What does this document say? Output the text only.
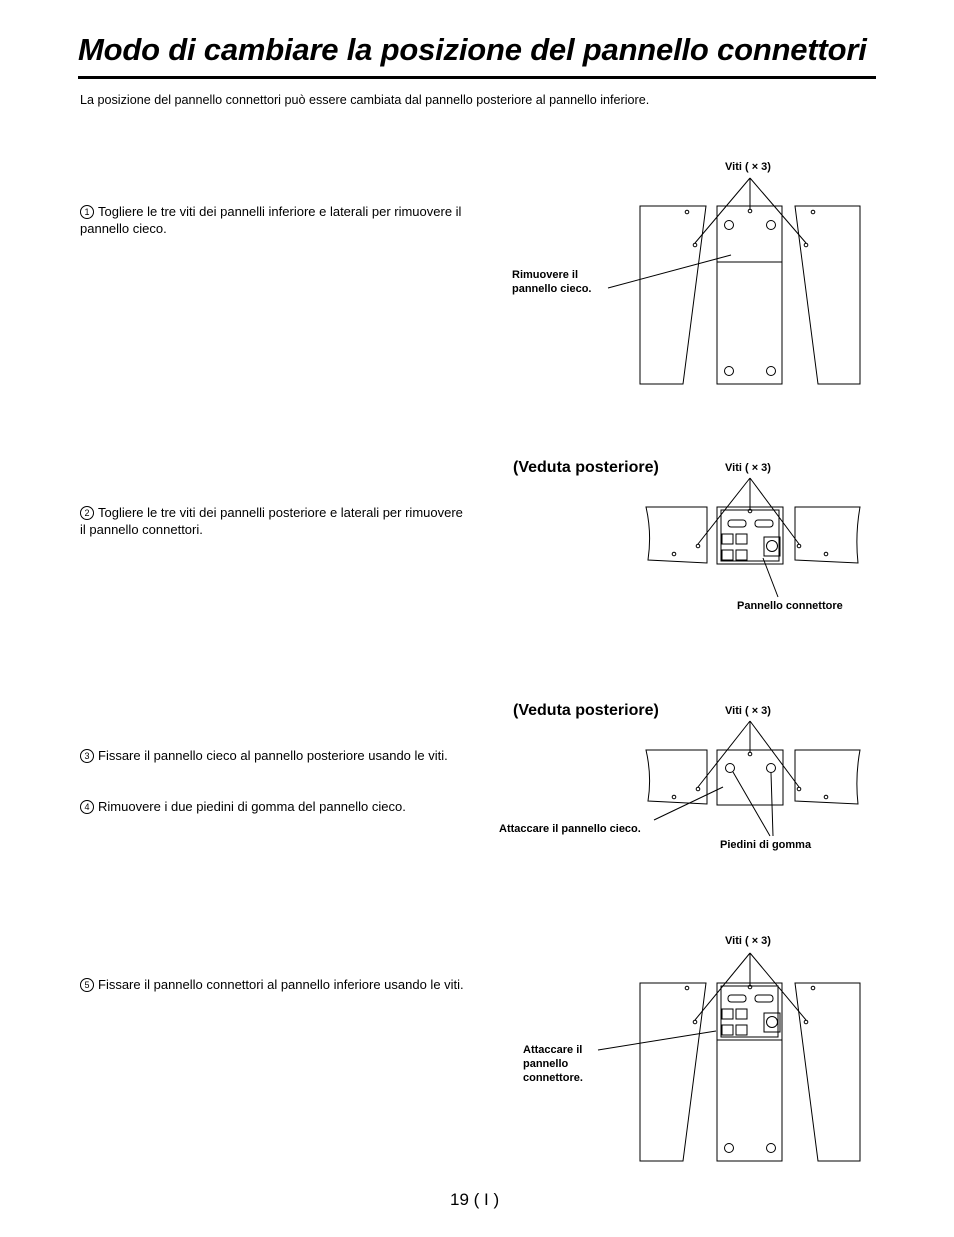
Modo di cambiare la posizione del pannello connettori
La posizione del pannello connettori può essere cambiata dal pannello posteriore al pannello inferiore.
1 Togliere le tre viti dei pannelli inferiore e laterali per rimuovere il pannello cieco.
2 Togliere le tre viti dei pannelli posteriore e laterali per rimuovere il pannello connettori.
3 Fissare il pannello cieco al pannello posteriore usando le viti.
4 Rimuovere i due piedini di gomma del pannello cieco.
5 Fissare il pannello connettori al pannello inferiore usando le viti.
Viti ( × 3)
Rimuovere il pannello cieco.
(Veduta posteriore)	Viti ( × 3)
Pannello connettore
(Veduta posteriore)	Viti ( × 3)
Attaccare il pannello cieco.
Piedini di gomma
Viti ( × 3)
Attaccare il pannello connettore.
19 ( I )
